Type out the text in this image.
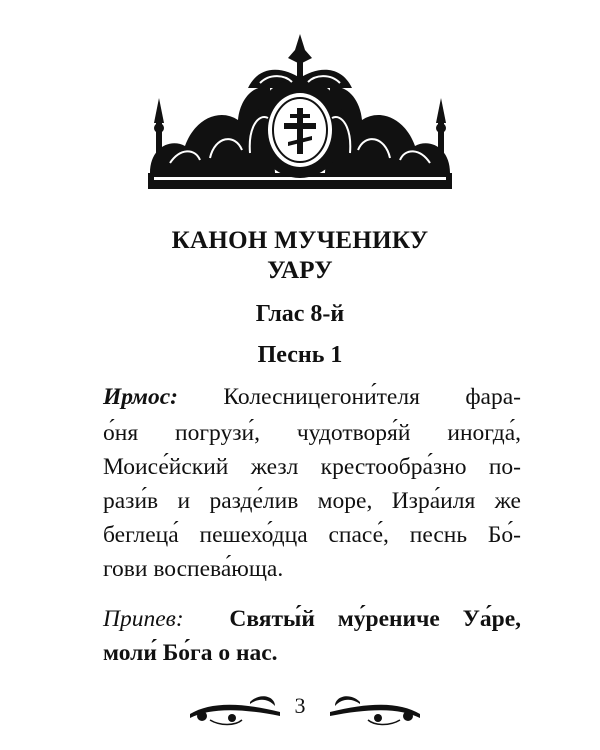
КАНОН МУЧЕНИКУ
УАРУ
Глас 8-й
Песнь 1
Ирмос: Колесницегони́теля фара-
о́ня погрузи́, чудотворя́й иногда́,
Моисе́йский жезл крестообра́зно по-
рази́в и разде́лив море, Изра́иля же
беглеца́ пешехо́дца спасе́, песнь Бо́-
гови воспева́юща.
Припев: Святы́й му́рениче Уа́ре,
моли́ Бо́га о нас.
3
